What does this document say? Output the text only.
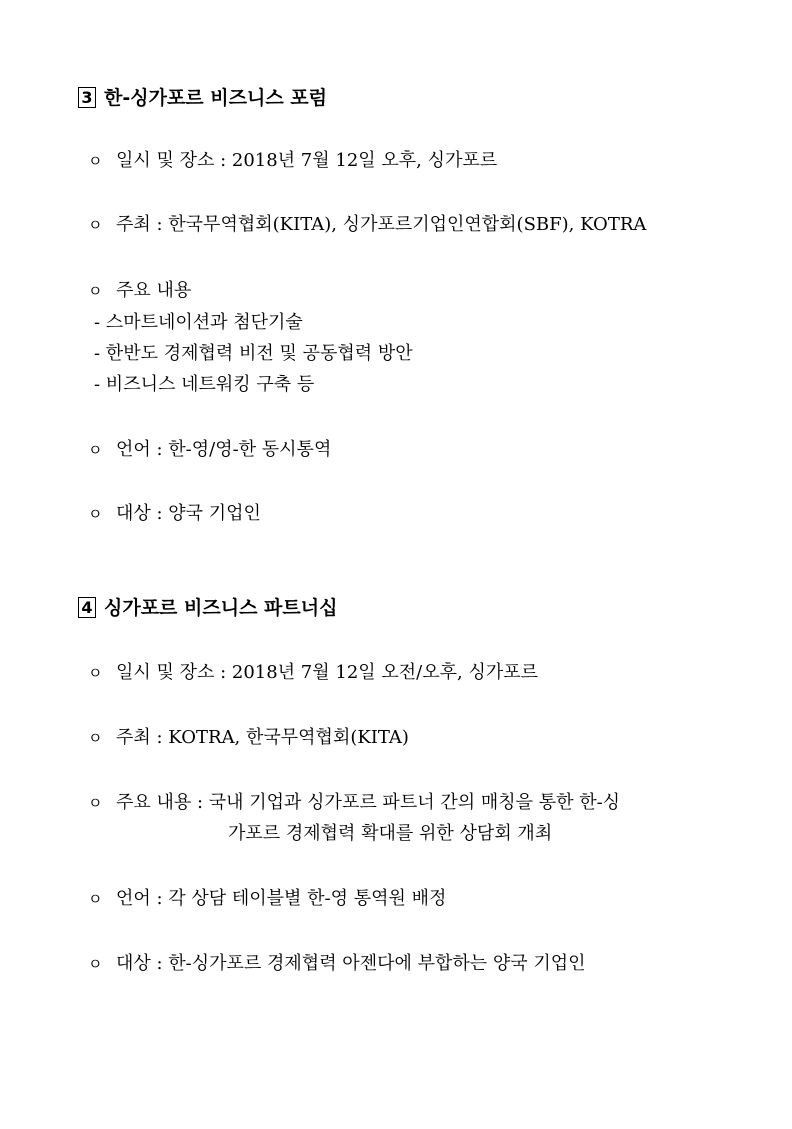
3 한-싱가포르 비즈니스 포럼
ㅇ 일시 및 장소 : 2018년 7월 12일 오후, 싱가포르
ㅇ 주최 : 한국무역협회(KITA), 싱가포르기업인연합회(SBF), KOTRA
ㅇ 주요 내용
- 스마트네이션과 첨단기술
- 한반도 경제협력 비전 및 공동협력 방안
- 비즈니스 네트워킹 구축 등
ㅇ 언어 : 한-영/영-한 동시통역
ㅇ 대상 : 양국 기업인
4 싱가포르 비즈니스 파트너십
ㅇ 일시 및 장소 : 2018년 7월 12일 오전/오후, 싱가포르
ㅇ 주최 : KOTRA, 한국무역협회(KITA)
ㅇ 주요 내용 : 국내 기업과 싱가포르 파트너 간의 매칭을 통한 한-싱
가포르 경제협력 확대를 위한 상담회 개최
ㅇ 언어 : 각 상담 테이블별 한-영 통역원 배정
ㅇ 대상 : 한-싱가포르 경제협력 아젠다에 부합하는 양국 기업인
